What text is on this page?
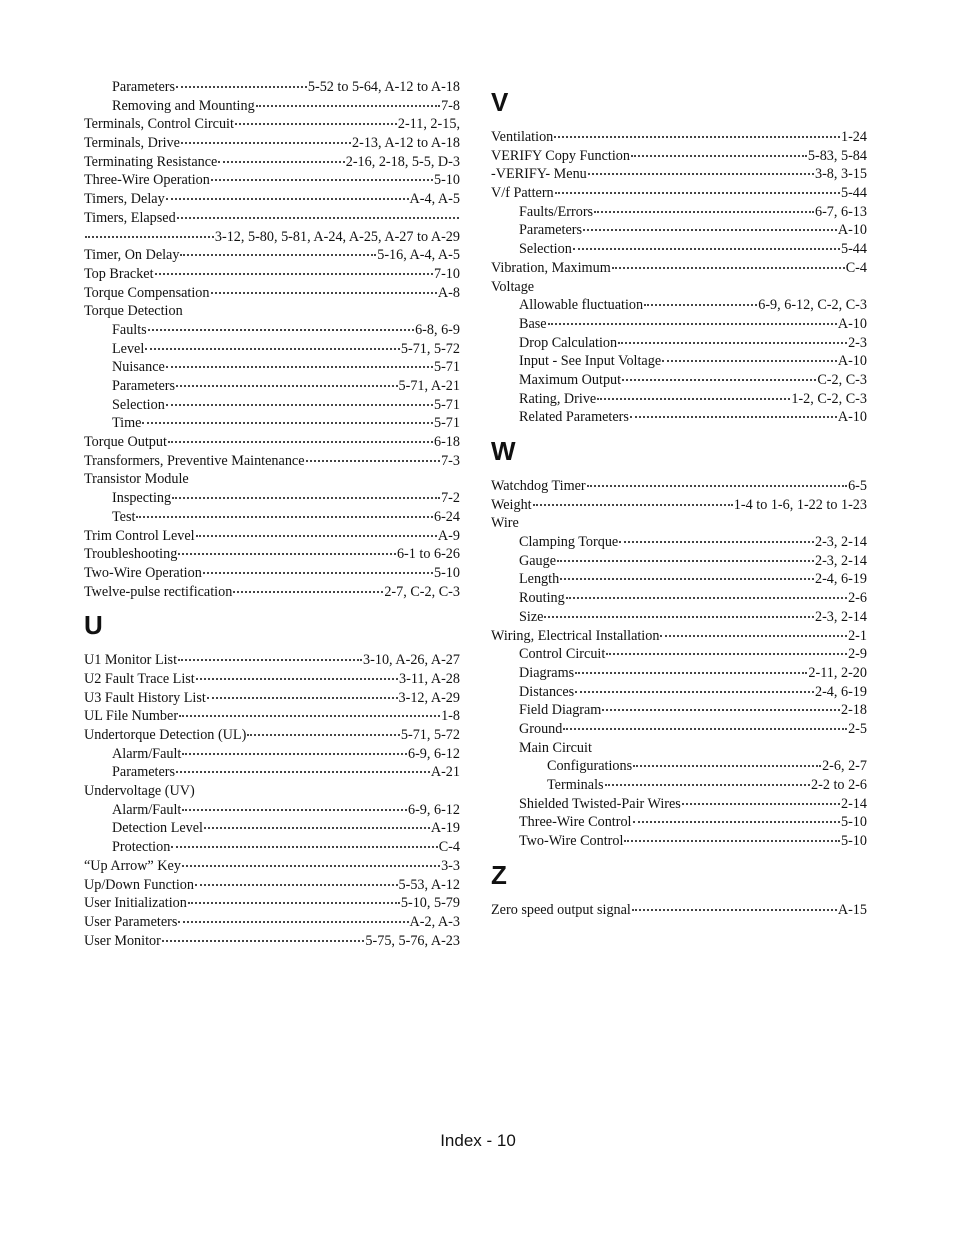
Parameters	5-52 to 5-64, A-12 to A-18
Removing and Mounting	7-8
Terminals, Control Circuit	2-11, 2-15,
Terminals, Drive	2-13, A-12 to A-18
Terminating Resistance	2-16, 2-18, 5-5, D-3
Three-Wire Operation	5-10
Timers, Delay	A-4, A-5
Timers, Elapsed
3-12, 5-80, 5-81, A-24, A-25, A-27 to A-29
Timer, On Delay	5-16, A-4, A-5
Top Bracket	7-10
Torque Compensation	A-8
Torque Detection
Faults	6-8, 6-9
Level	5-71, 5-72
Nuisance	5-71
Parameters	5-71, A-21
Selection	5-71
Time	5-71
Torque Output	6-18
Transformers, Preventive Maintenance	7-3
Transistor Module
Inspecting	7-2
Test	6-24
Trim Control Level	A-9
Troubleshooting	6-1 to 6-26
Two-Wire Operation	5-10
Twelve-pulse rectification	2-7, C-2, C-3
U
U1 Monitor List	3-10, A-26, A-27
U2 Fault Trace List	3-11, A-28
U3 Fault History List	3-12, A-29
UL File Number	1-8
Undertorque Detection (UL)	5-71, 5-72
Alarm/Fault	6-9, 6-12
Parameters	A-21
Undervoltage (UV)
Alarm/Fault	6-9, 6-12
Detection Level	A-19
Protection	C-4
“Up Arrow” Key	3-3
Up/Down Function	5-53, A-12
User Initialization	5-10, 5-79
User Parameters	A-2, A-3
User Monitor	5-75, 5-76, A-23
V
Ventilation	1-24
VERIFY Copy Function	5-83, 5-84
-VERIFY- Menu	3-8, 3-15
V/f Pattern	5-44
Faults/Errors	6-7, 6-13
Parameters	A-10
Selection	5-44
Vibration, Maximum	C-4
Voltage
Allowable fluctuation	6-9, 6-12, C-2, C-3
Base	A-10
Drop Calculation	2-3
Input - See Input Voltage	A-10
Maximum Output	C-2, C-3
Rating, Drive	1-2, C-2, C-3
Related Parameters	A-10
W
Watchdog Timer	6-5
Weight	1-4 to 1-6, 1-22 to 1-23
Wire
Clamping Torque	2-3, 2-14
Gauge	2-3, 2-14
Length	2-4, 6-19
Routing	2-6
Size	2-3, 2-14
Wiring, Electrical Installation	2-1
Control Circuit	2-9
Diagrams	2-11, 2-20
Distances	2-4, 6-19
Field Diagram	2-18
Ground	2-5
Main Circuit
Configurations	2-6, 2-7
Terminals	2-2 to 2-6
Shielded Twisted-Pair Wires	2-14
Three-Wire Control	5-10
Two-Wire Control	5-10
Z
Zero speed output signal	A-15
Index - 10
